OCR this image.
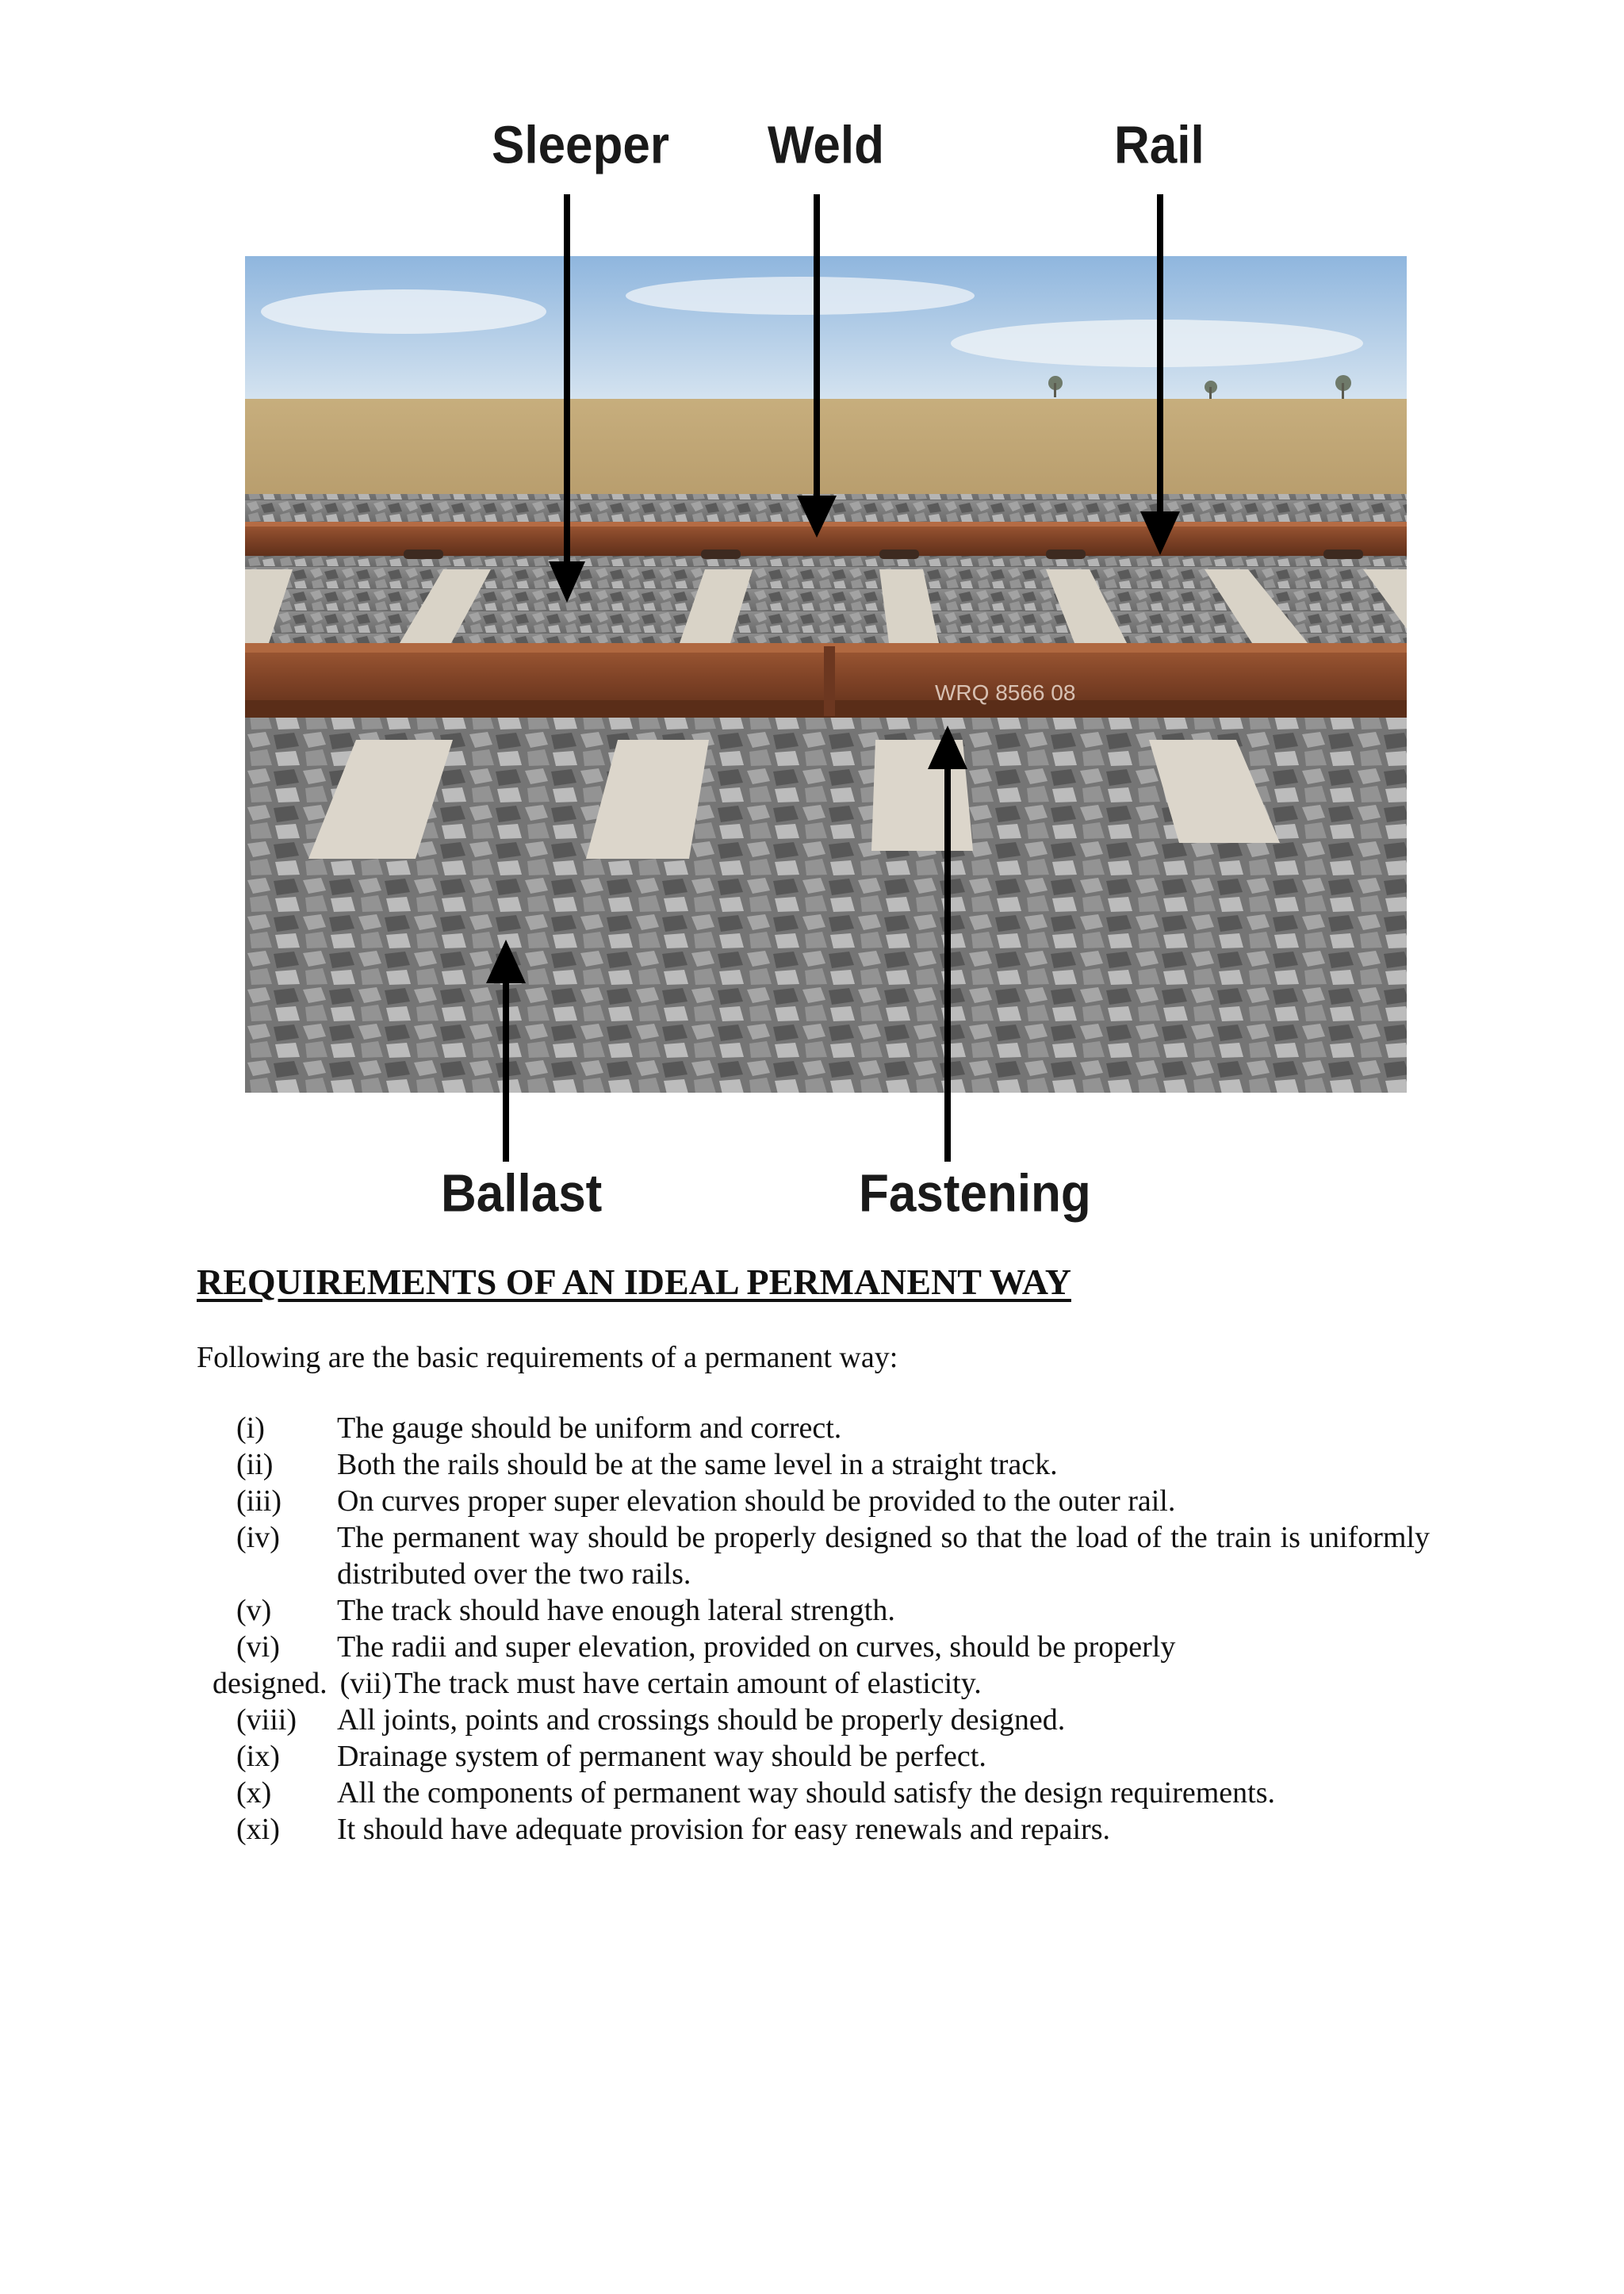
WRQ 8566 08
Sleeper Weld	Rail
Ballast	Fastening
REQUIREMENTS OF AN IDEAL PERMANENT WAY

Following are the basic requirements of a permanent way:

(i)	The gauge should be uniform and correct.
(ii)	Both the rails should be at the same level in a straight track.
(iii)	On curves proper super elevation should be provided to the outer rail.
(iv)	The permanent way should be properly designed so that the load of the train is uniformly distributed over the two rails.
(v)	The track should have enough lateral strength.
(vi) The radii and super elevation, provided on curves, should be properly
designed. (vii) The track must have certain amount of elasticity.
(viii)	All joints, points and crossings should be properly designed.
(ix)	Drainage system of permanent way should be perfect.
(x)	All the components of permanent way should satisfy the design requirements.
(xi)	It should have adequate provision for easy renewals and repairs.
